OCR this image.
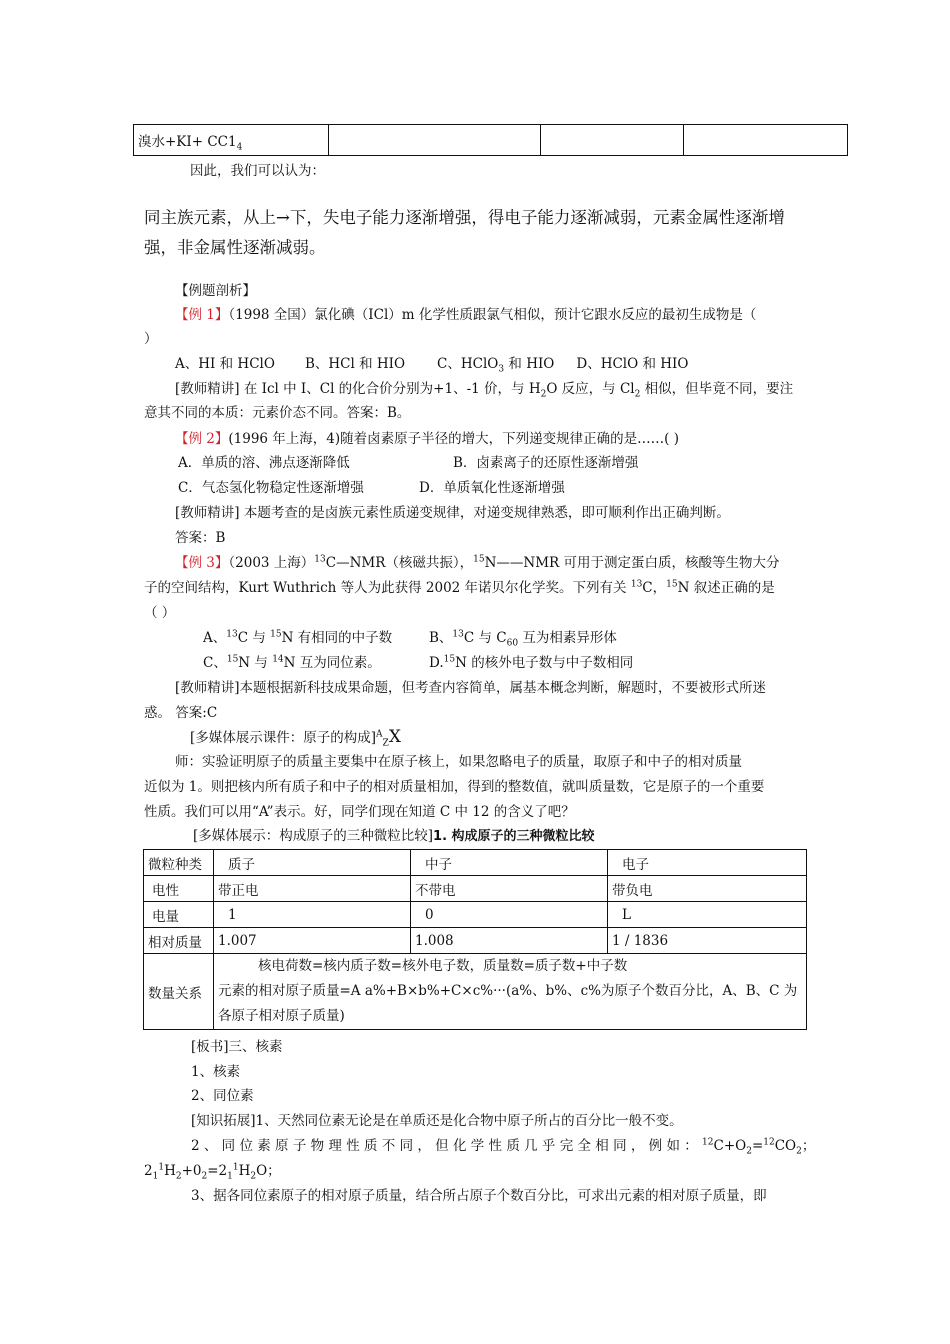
溴水$+KI+ CC1_4$			
因此，我们可以认为：
同主族元素，从上→下，失电子能力逐渐增强，得电子能力逐渐减弱，元素金属性逐渐增强，非金属性逐渐减弱。
【例题剖析】
【例 1】（1998 全国）氯化碘（ICl）m 化学性质跟氯气相似，预计它跟水反应的最初生成物是（
）
A、HI 和 HClO B、HCl 和 HIO C、HClO$_3$ 和 HIO D、HClO 和 HIO
[教师精讲] 在 Icl 中 I、Cl 的化合价分别为+1、-1 价，与 $H_2O$ 反应，与 $Cl_2$ 相似，但毕竟不同，要注
意其不同的本质：元素价态不同。答案：B。
【例 2】(1996 年上海，4)随着卤素原子半径的增大，下列递变规律正确的是……( )
A．单质的溶、沸点逐渐降低	B．卤素离子的还原性逐渐增强
C．气态氢化物稳定性逐渐增强	D．单质氧化性逐渐增强
[教师精讲] 本题考查的是卤族元素性质递变规律，对递变规律熟悉，即可顺利作出正确判断。
答案：B
【例 3】（2003 上海）$^{13}$C—NMR（核磁共振），$^{15}$N——NMR 可用于测定蛋白质，核酸等生物大分
子的空间结构，Kurt Wuthrich 等人为此获得 2002 年诺贝尔化学奖。下列有关 $^{13}$C，$^{15}$N 叙述正确的是
（ ）
A、$^{13}$C 与 $^{15}$N 有相同的中子数	B、$^{13}$C 与 $C_{60}$ 互为相素异形体
C、$^{15}$N 与 $^{14}$N 互为同位素。	D.$^{15}$N 的核外电子数与中子数相同
[教师精讲]本题根据新科技成果命题，但考查内容简单，属基本概念判断，解题时，不要被形式所迷
惑。 答案:C
[多媒体展示课件：原子的构成]$^A_Z$X
师：实验证明原子的质量主要集中在原子核上，如果忽略电子的质量，取原子和中子的相对质量
近似为 1。则把核内所有质子和中子的相对质量相加，得到的整数值，就叫质量数，它是原子的一个重要
性质。我们可以用“A”表示。好，同学们现在知道 C 中 12 的含义了吧？
[多媒体展示：构成原子的三种微粒比较]1. 构成原子的三种微粒比较
微粒种类	质子	中子	电子
电性	带正电	不带电	带负电
电量	1	0	L
相对质量	1.007	1.008	1 / 1836
数量关系	核电荷数=核内质子数=核外电子数，质量数=质子数+中子数
元素的相对原子质量=A a%+B×b%+C×c%···(a%、b%、c%为原子个数百分比，A、B、C 为
各原子相对原子质量)		
[板书]三、核素
1、核素
2、同位素
[知识拓展]1、天然同位素无论是在单质还是化合物中原子所占的百分比一般不变。
2 、 同 位 素 原 子 物 理 性 质 不 同 ， 但 化 学 性 质 几 乎 完 全 相 同 ， 例 如 ： $^{12}C+O_2=^{12}CO_2$；
$2_1^1H_2+0_2=2_1^1H_2O$；
3、据各同位素原子的相对原子质量，结合所占原子个数百分比，可求出元素的相对原子质量，即
